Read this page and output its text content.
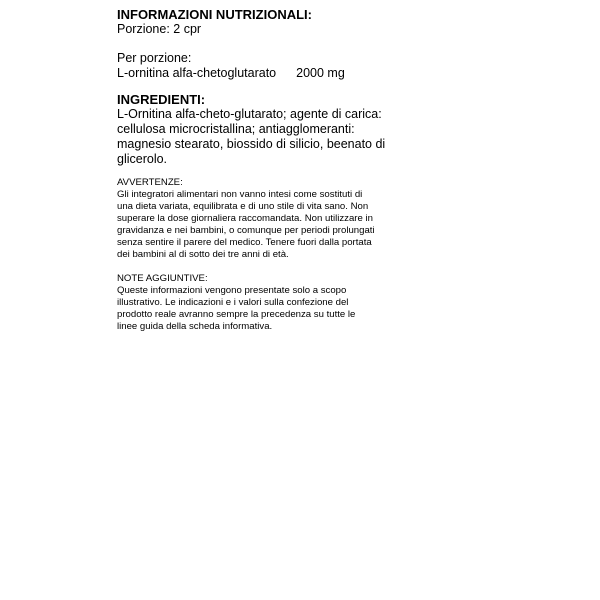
INFORMAZIONI NUTRIZIONALI:

Porzione: 2 cpr

Per porzione:

L-ornitina alfa-chetoglutarato 2000 mg

INGREDIENTI:

L-Ornitina alfa-cheto-glutarato; agente di carica:

cellulosa microcristallina; antiagglomeranti:

magnesio stearato, biossido di silicio, beenato di

glicerolo.

AVVERTENZE:

Gli integratori alimentari non vanno intesi come sostituti di

una dieta variata, equilibrata e di uno stile di vita sano. Non

superare la dose giornaliera raccomandata. Non utilizzare in

gravidanza e nei bambini, o comunque per periodi prolungati

senza sentire il parere del medico. Tenere fuori dalla portata

dei bambini al di sotto dei tre anni di età.

NOTE AGGIUNTIVE:

Queste informazioni vengono presentate solo a scopo

illustrativo. Le indicazioni e i valori sulla confezione del

prodotto reale avranno sempre la precedenza su tutte le

linee guida della scheda informativa.
